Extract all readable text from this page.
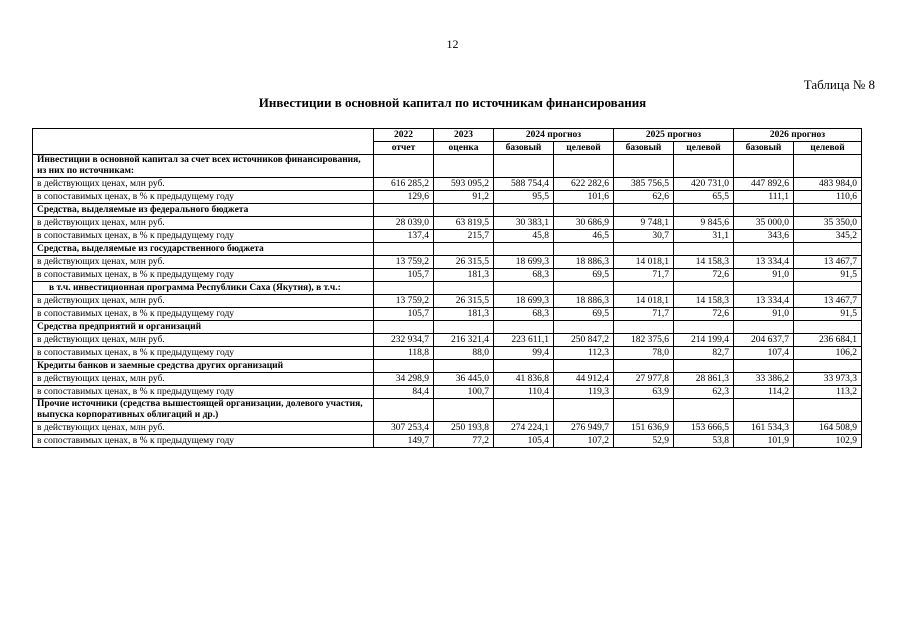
12
Таблица № 8
Инвестиции в основной капитал по источникам финансирования
	2022	2023	2024 прогноз		2025 прогноз		2026 прогноз	
	отчет	оценка	базовый	целевой	базовый	целевой	базовый	целевой
Инвестиции в основной капитал за счет всех источников финансирования, из них по источникам:								
в действующих ценах, млн руб.	616 285,2	593 095,2	588 754,4	622 282,6	385 756,5	420 731,0	447 892,6	483 984,0
в сопоставимых ценах, в % к предыдущему году	129,6	91,2	95,5	101,6	62,6	65,5	111,1	110,6
Средства, выделяемые из федерального бюджета								
в действующих ценах, млн руб.	28 039,0	63 819,5	30 383,1	30 686,9	9 748,1	9 845,6	35 000,0	35 350,0
в сопоставимых ценах, в % к предыдущему году	137,4	215,7	45,8	46,5	30,7	31,1	343,6	345,2
Средства, выделяемые из государственного бюджета								
в действующих ценах, млн руб.	13 759,2	26 315,5	18 699,3	18 886,3	14 018,1	14 158,3	13 334,4	13 467,7
в сопоставимых ценах, в % к предыдущему году	105,7	181,3	68,3	69,5	71,7	72,6	91,0	91,5
в т.ч. инвестиционная программа Республики Саха (Якутия), в т.ч.:								
в действующих ценах, млн руб.	13 759,2	26 315,5	18 699,3	18 886,3	14 018,1	14 158,3	13 334,4	13 467,7
в сопоставимых ценах, в % к предыдущему году	105,7	181,3	68,3	69,5	71,7	72,6	91,0	91,5
Средства предприятий и организаций								
в действующих ценах, млн руб.	232 934,7	216 321,4	223 611,1	250 847,2	182 375,6	214 199,4	204 637,7	236 684,1
в сопоставимых ценах, в % к предыдущему году	118,8	88,0	99,4	112,3	78,0	82,7	107,4	106,2
Кредиты банков и заемные средства других организаций								
в действующих ценах, млн руб.	34 298,9	36 445,0	41 836,8	44 912,4	27 977,8	28 861,3	33 386,2	33 973,3
в сопоставимых ценах, в % к предыдущему году	84,4	100,7	110,4	119,3	63,9	62,3	114,2	113,2
Прочие источники (средства вышестоящей организации, долевого участия, выпуска корпоративных облигаций и др.)								
в действующих ценах, млн руб.	307 253,4	250 193,8	274 224,1	276 949,7	151 636,9	153 666,5	161 534,3	164 508,9
в сопоставимых ценах, в % к предыдущему году	149,7	77,2	105,4	107,2	52,9	53,8	101,9	102,9
